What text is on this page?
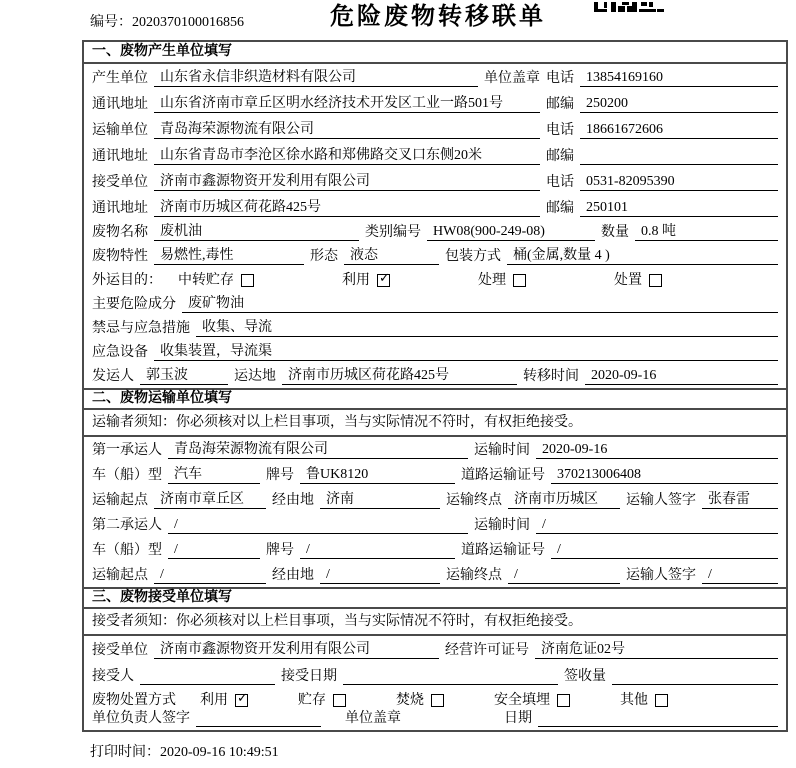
编号：2020370100016856	危险废物转移联单
一、废物产生单位填写
产生单位 山东省永信非织造材料有限公司	单位盖章 电话 13854169160
通讯地址 山东省济南市章丘区明水经济技术开发区工业一路501号	邮编 250200
运输单位 青岛海荣源物流有限公司	电话 18661672606
通讯地址 山东省青岛市李沧区徐水路和郑佛路交叉口东侧20米	邮编
接受单位 济南市鑫源物资开发利用有限公司	电话 0531-82095390
通讯地址 济南市历城区荷花路425号	邮编 250101
废物名称 废机油	类别编号 HW08(900-249-08)	数量 0.8 吨
废物特性 易燃性,毒性	形态 液态	包装方式 桶(金属,数量 4 )
外运目的： 中转贮存	利用 ✓	处理	处置
主要危险成分 废矿物油
禁忌与应急措施 收集、导流
应急设备 收集装置，导流渠
发运人 郭玉波	运达地 济南市历城区荷花路425号	转移时间 2020-09-16
二、废物运输单位填写
运输者须知：你必须核对以上栏目事项，当与实际情况不符时，有权拒绝接受。
第一承运人 青岛海荣源物流有限公司	运输时间 2020-09-16
车（船）型 汽车	牌号 鲁UK8120	道路运输证号 370213006408
运输起点 济南市章丘区	经由地 济南	运输终点 济南市历城区	运输人签字 张春雷
第二承运人 /	运输时间 /
车（船）型 /	牌号 /	道路运输证号 /
运输起点 /	经由地 /	运输终点 /	运输人签字 /
三、废物接受单位填写
接受者须知：你必须核对以上栏目事项，当与实际情况不符时，有权拒绝接受。
接受单位 济南市鑫源物资开发利用有限公司	经营许可证号 济南危证02号
接受人	接受日期	签收量
废物处置方式 利用 ✓	贮存	焚烧	安全填埋	其他
单位负责人签字	单位盖章	日期
打印时间：2020-09-16 10:49:51
